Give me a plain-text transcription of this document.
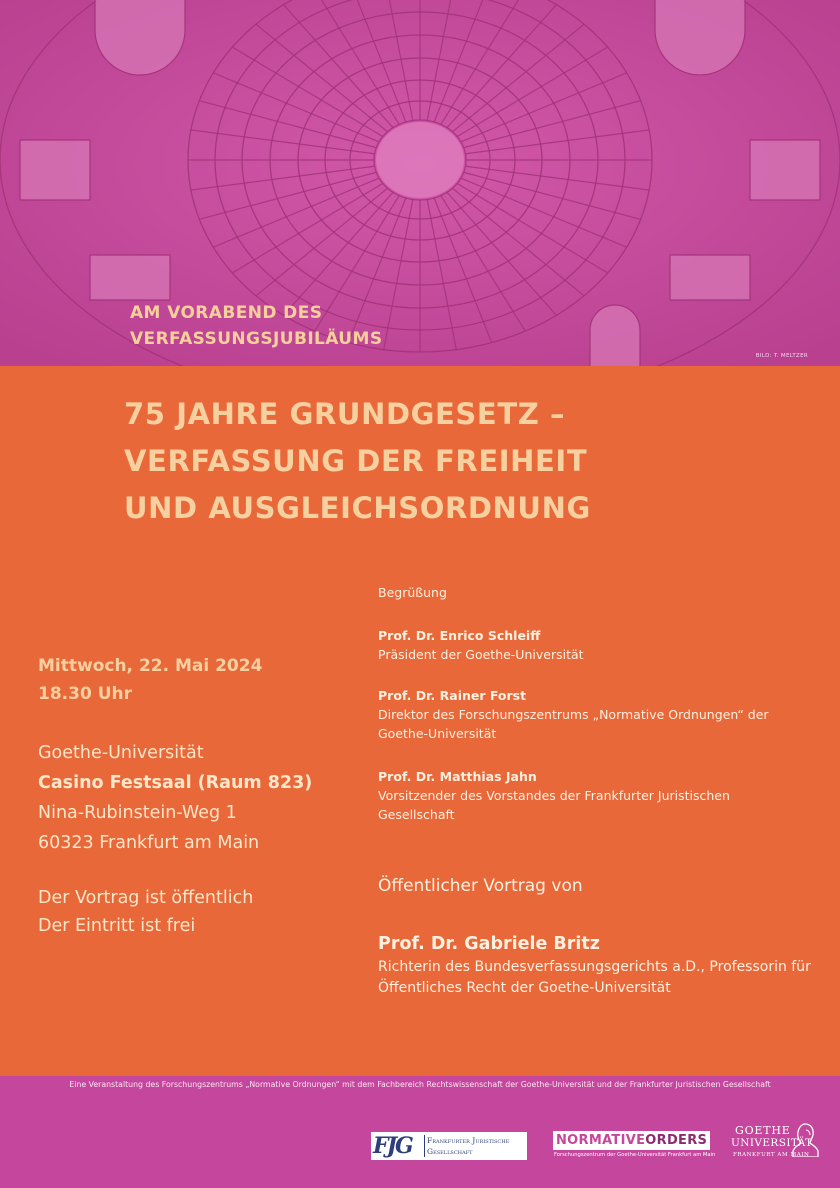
AM VORABEND DES
VERFASSUNGSJUBILÄUMS
BILD: T. MELTZER
75 JAHRE GRUNDGESETZ –
VERFASSUNG DER FREIHEIT
UND AUSGLEICHSORDNUNG
Mittwoch, 22. Mai 2024
18.30 Uhr
Goethe-Universität
Casino Festsaal (Raum 823)
Nina-Rubinstein-Weg 1
60323 Frankfurt am Main
Der Vortrag ist öffentlich
Der Eintritt ist frei
Begrüßung
Prof. Dr. Enrico Schleiff
Präsident der Goethe-Universität
Prof. Dr. Rainer Forst
Direktor des Forschungszentrums „Normative Ordnungen“ der Goethe-Universität
Prof. Dr. Matthias Jahn
Vorsitzender des Vorstandes der Frankfurter Juristischen Gesellschaft
Öffentlicher Vortrag von
Prof. Dr. Gabriele Britz
Richterin des Bundesverfassungsgerichts a.D., Professorin für Öffentliches Recht der Goethe-Universität
Eine Veranstaltung des Forschungszentrums „Normative Ordnungen“ mit dem Fachbereich Rechtswissenschaft der Goethe-Universität und der Frankfurter Juristischen Gesellschaft
FJG Frankfurter Juristische
Gesellschaft
NORMATIVEORDERS
Forschungszentrum der Goethe-Universität Frankfurt am Main
GOETHE
UNIVERSITÄT
FRANKFURT AM MAIN
